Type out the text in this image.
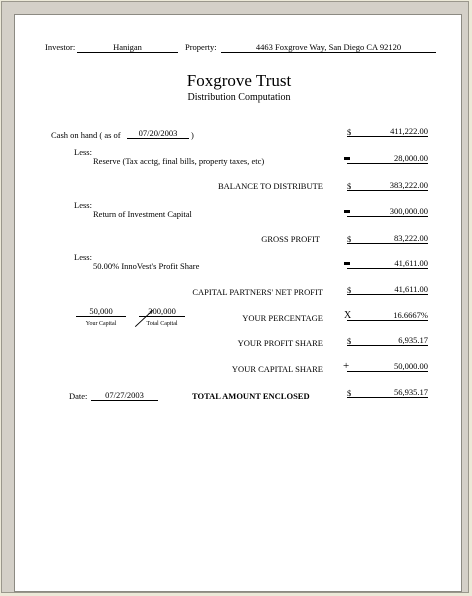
Investor:	Hanigan	Property:	4463 Foxgrove Way, San Diego CA 92120
Foxgrove Trust
Distribution Computation
Cash on hand ( as of	07/20/2003	)	$	411,222.00
Less:
Reserve (Tax acctg, final bills, property taxes, etc)	28,000.00
BALANCE TO DISTRIBUTE	$	383,222.00
Less:
Return of Investment Capital	300,000.00
GROSS PROFIT	$	83,222.00
Less:
50.00% InnoVest's Profit Share	41,611.00
CAPITAL PARTNERS' NET PROFIT	$	41,611.00
50,000
Your Capital
300,000
Total Capital
YOUR PERCENTAGE X	16.6667%
YOUR PROFIT SHARE	$	6,935.17
YOUR CAPITAL SHARE +	50,000.00
Date:	07/27/2003	TOTAL AMOUNT ENCLOSED	$	56,935.17
